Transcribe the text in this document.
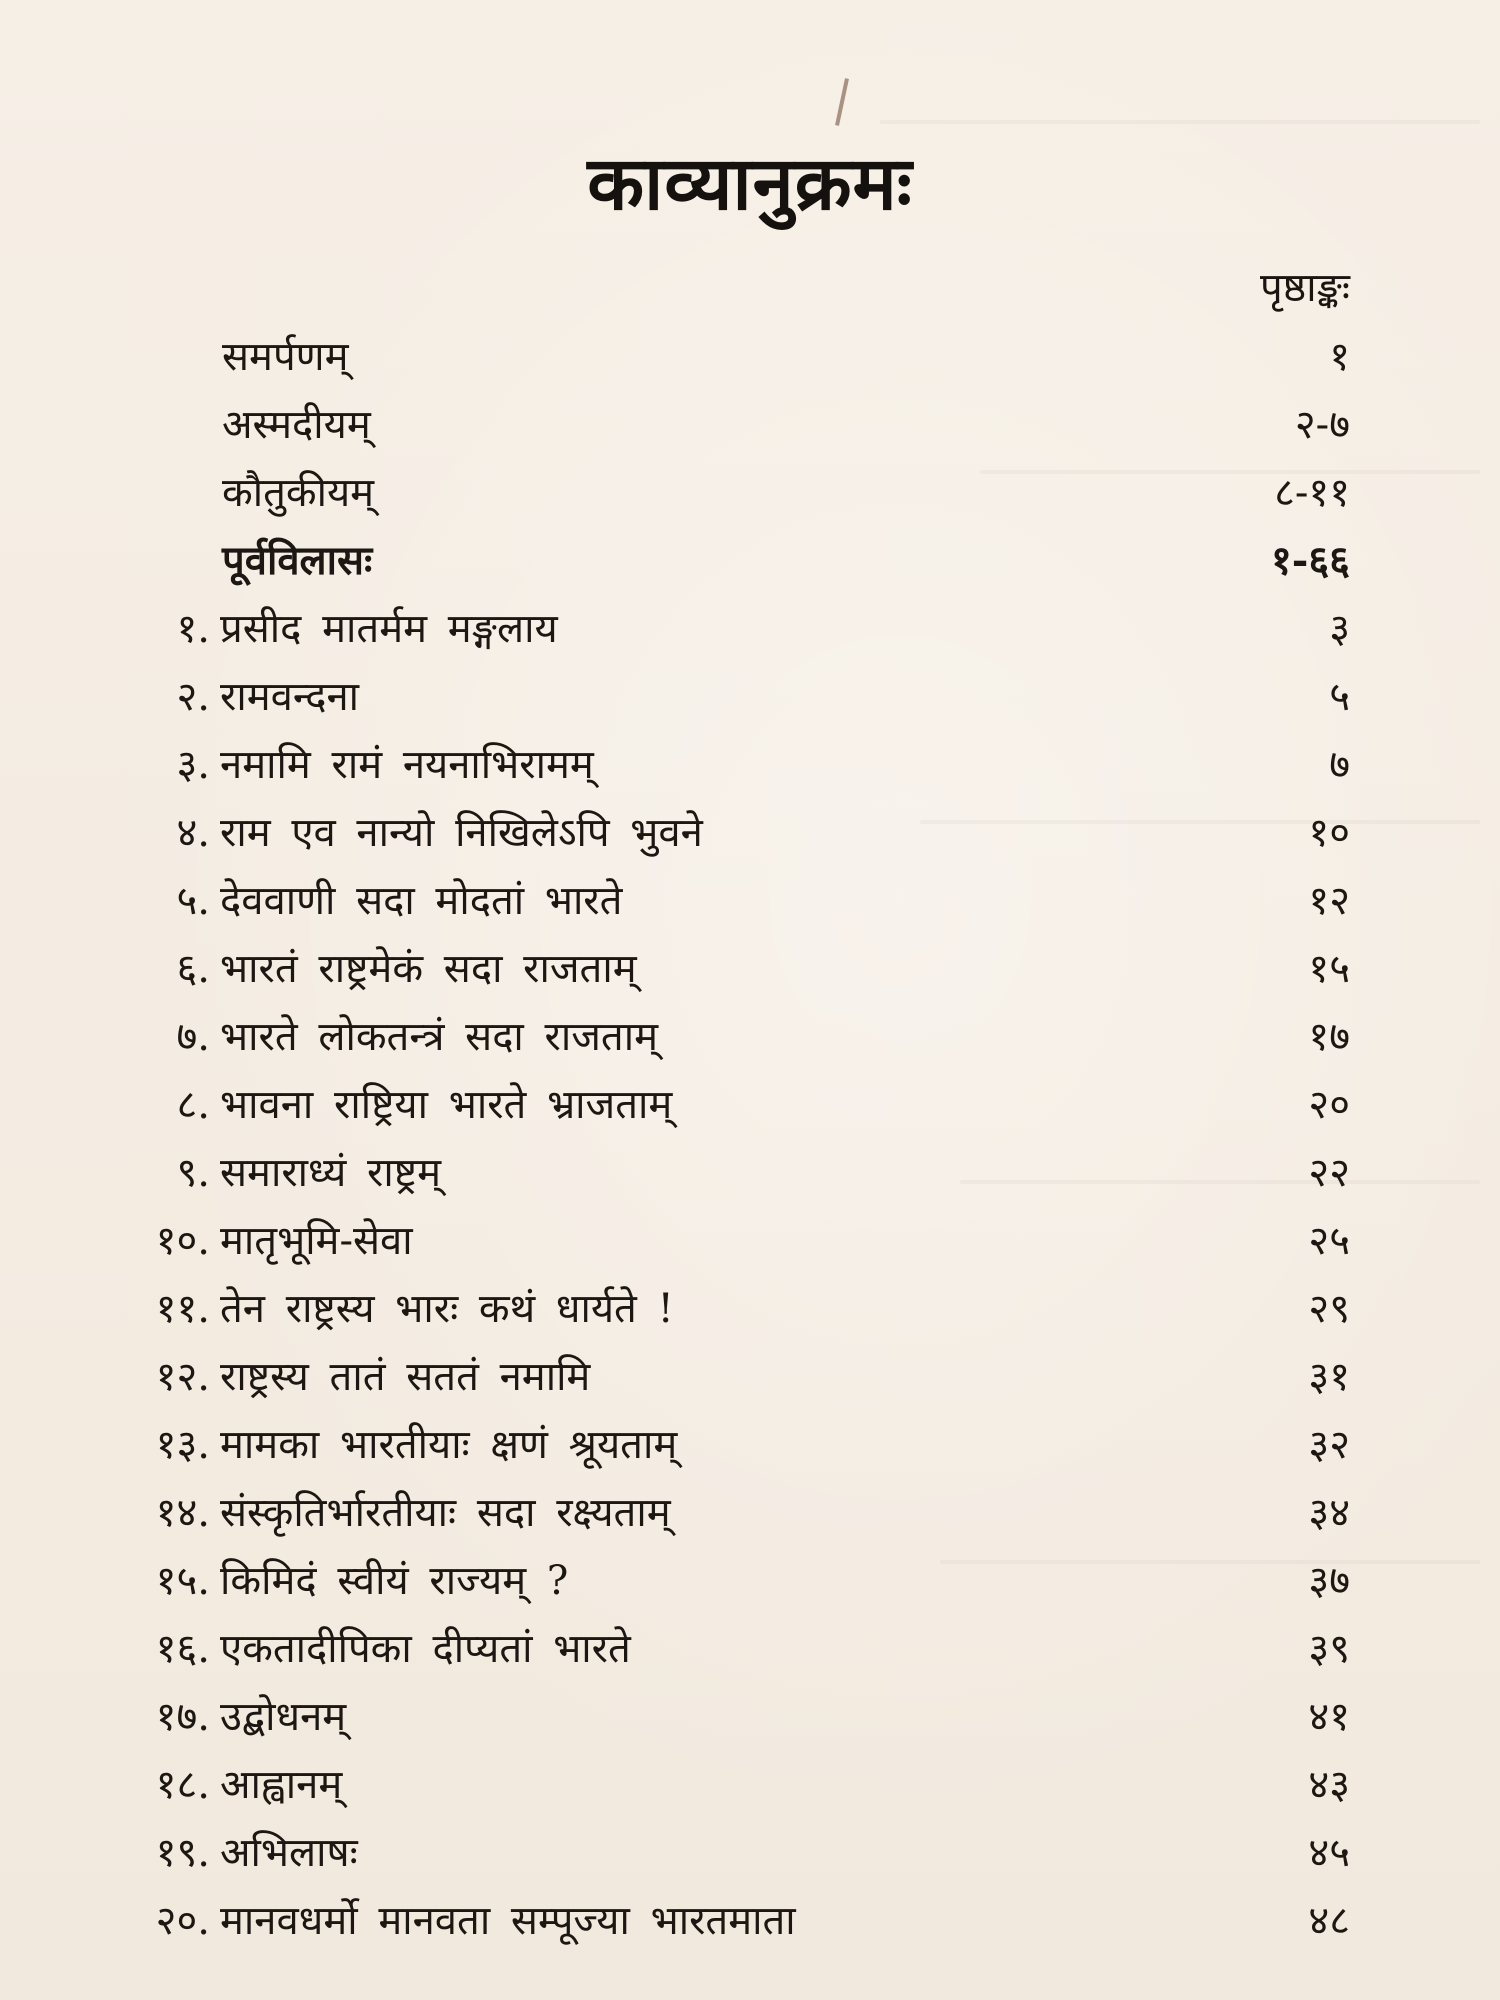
काव्यानुक्रमः
पृष्ठाङ्कः
समर्पणम्	१
अस्मदीयम्	२-७
कौतुकीयम्	८-११
पूर्वविलासः	१-६६
१. प्रसीद मातर्मम मङ्गलाय	३
२. रामवन्दना	५
३. नमामि रामं नयनाभिरामम्	७
४. राम एव नान्यो निखिलेऽपि भुवने	१०
५. देववाणी सदा मोदतां भारते	१२
६. भारतं राष्ट्रमेकं सदा राजताम्	१५
७. भारते लोकतन्त्रं सदा राजताम्	१७
८. भावना राष्ट्रिया भारते भ्राजताम्	२०
९. समाराध्यं राष्ट्रम्	२२
१०. मातृभूमि-सेवा	२५
११. तेन राष्ट्रस्य भारः कथं धार्यते !	२९
१२. राष्ट्रस्य तातं सततं नमामि	३१
१३. मामका भारतीयाः क्षणं श्रूयताम्	३२
१४. संस्कृतिर्भारतीयाः सदा रक्ष्यताम्	३४
१५. किमिदं स्वीयं राज्यम् ?	३७
१६. एकतादीपिका दीप्यतां भारते	३९
१७. उद्बोधनम्	४१
१८. आह्वानम्	४३
१९. अभिलाषः	४५
२०. मानवधर्मो मानवता सम्पूज्या भारतमाता	४८
